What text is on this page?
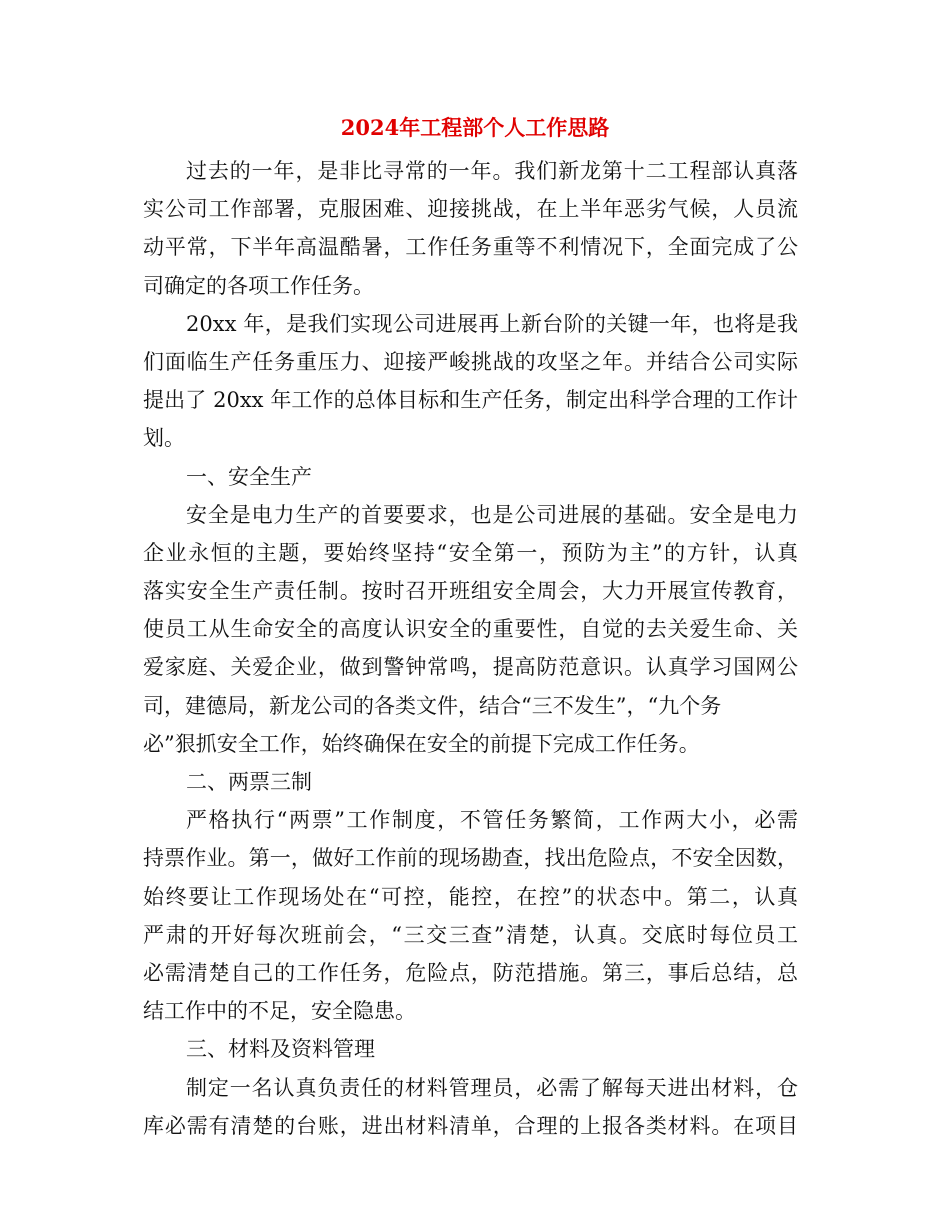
2024年工程部个人工作思路
过去的一年，是非比寻常的一年。我们新龙第十二工程部认真落
实公司工作部署，克服困难、迎接挑战，在上半年恶劣气候，人员流
动平常，下半年高温酷暑，工作任务重等不利情况下，全面完成了公
司确定的各项工作任务。
20xx 年，是我们实现公司进展再上新台阶的关键一年，也将是我
们面临生产任务重压力、迎接严峻挑战的攻坚之年。并结合公司实际
提出了 20xx 年工作的总体目标和生产任务，制定出科学合理的工作计
划。
一、安全生产
安全是电力生产的首要要求，也是公司进展的基础。安全是电力
企业永恒的主题，要始终坚持“安全第一，预防为主”的方针，认真
落实安全生产责任制。按时召开班组安全周会，大力开展宣传教育，
使员工从生命安全的高度认识安全的重要性，自觉的去关爱生命、关
爱家庭、关爱企业，做到警钟常鸣，提高防范意识。认真学习国网公
司，建德局，新龙公司的各类文件，结合“三不发生”，“九个务
必”狠抓安全工作，始终确保在安全的前提下完成工作任务。
二、两票三制
严格执行“两票”工作制度，不管任务繁简，工作两大小，必需
持票作业。第一，做好工作前的现场勘查，找出危险点，不安全因数，
始终要让工作现场处在“可控，能控，在控”的状态中。第二，认真
严肃的开好每次班前会，“三交三查”清楚，认真。交底时每位员工
必需清楚自己的工作任务，危险点，防范措施。第三，事后总结，总
结工作中的不足，安全隐患。
三、材料及资料管理
制定一名认真负责任的材料管理员，必需了解每天进出材料，仓
库必需有清楚的台账，进出材料清单，合理的上报各类材料。在项目
